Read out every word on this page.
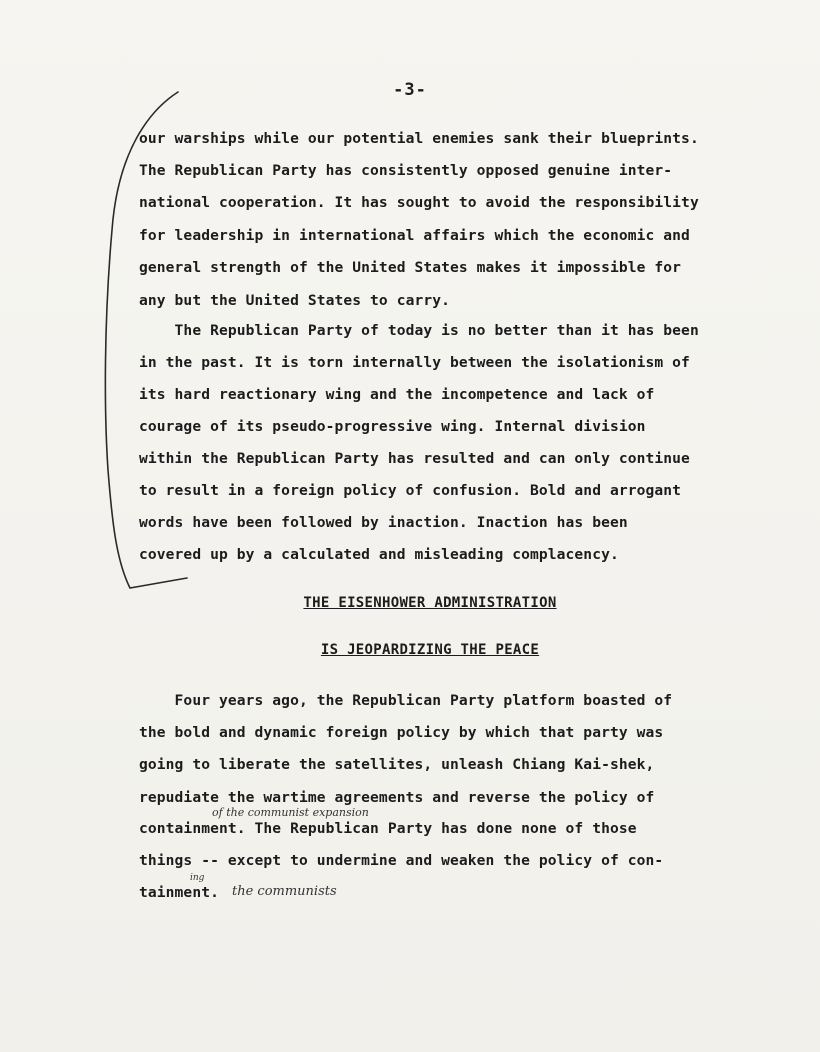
-3-

our warships while our potential enemies sank their blueprints.

The Republican Party has consistently opposed genuine inter-

national cooperation. It has sought to avoid the responsibility

for leadership in international affairs which the economic and

general strength of the United States makes it impossible for

any but the United States to carry.

The Republican Party of today is no better than it has been

in the past. It is torn internally between the isolationism of

its hard reactionary wing and the incompetence and lack of

courage of its pseudo-progressive wing. Internal division

within the Republican Party has resulted and can only continue

to result in a foreign policy of confusion. Bold and arrogant

words have been followed by inaction. Inaction has been

covered up by a calculated and misleading complacency.

THE EISENHOWER ADMINISTRATION
IS JEOPARDIZING THE PEACE

Four years ago, the Republican Party platform boasted of

the bold and dynamic foreign policy by which that party was

going to liberate the satellites, unleash Chiang Kai-shek,

repudiate the wartime agreements and reverse the policy of

containment. The Republican Party has done none of those

things -- except to undermine and weaken the policy of con-

tainment.

of the communist expansion
ing
the communists
